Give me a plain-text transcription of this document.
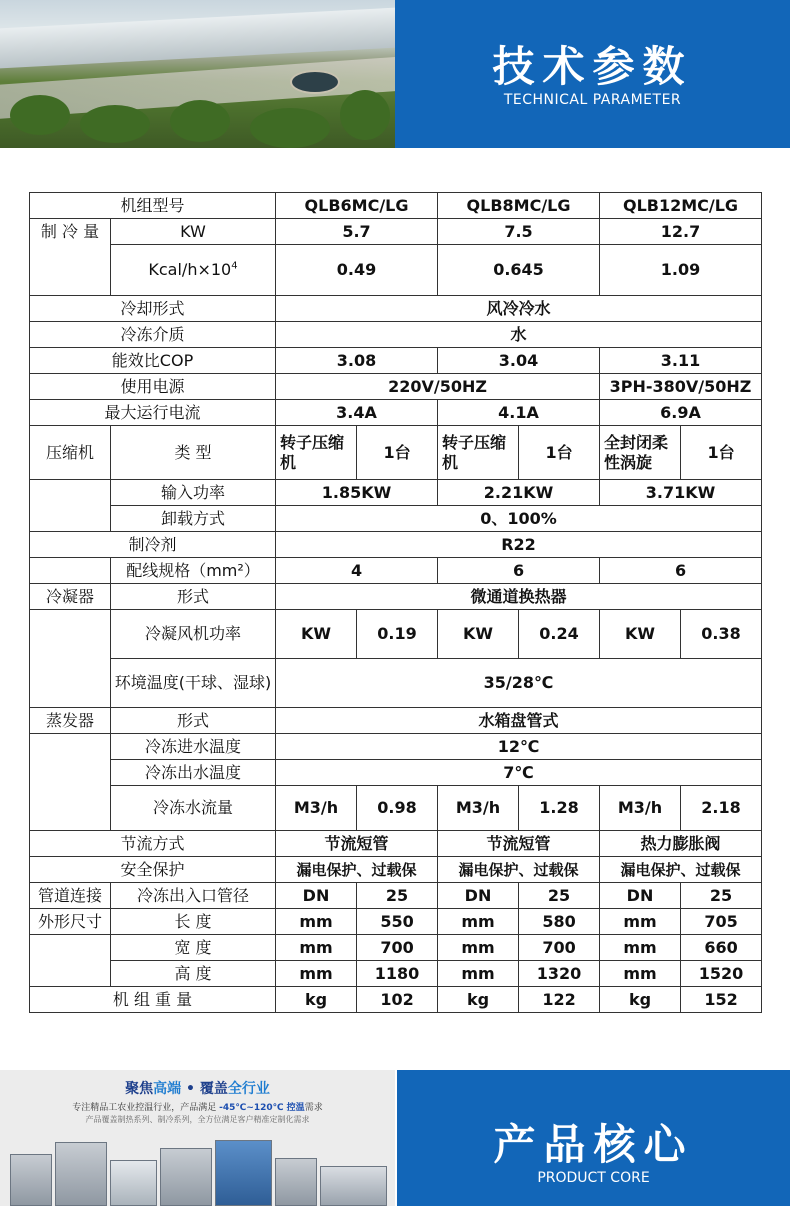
技术参数
TECHNICAL PARAMETER
机组型号		QLB6MC/LG		QLB8MC/LG		QLB12MC/LG	
制 冷 量	KW	5.7		7.5		12.7	
	Kcal/$h\times 10^4$	0.49		0.645		1.09	
冷却形式		风冷冷水					
冷冻介质		水					
能效比COP		3.08		3.04		3.11	
使用电源		220V/50HZ				3PH-380V/50HZ	
最大运行电流		3.4A		4.1A		6.9A	
压缩机	类 型	转子压缩机	1台	转子压缩机	1台	全封闭柔性涡旋	1台
	输入功率	1.85KW		2.21KW		3.71KW	
	卸载方式	0、100%					
制冷剂		R22					
	配线规格（mm²）	4		6		6	
冷凝器	形式	微通道换热器					
	冷凝风机功率	KW	0.19	KW	0.24	KW	0.38
	环境温度(干球、湿球)	35/28℃					
蒸发器	形式	水箱盘管式					
	冷冻进水温度	12℃					
	冷冻出水温度	7℃					
	冷冻水流量	M3/h	0.98	M3/h	1.28	M3/h	2.18
节流方式		节流短管		节流短管		热力膨胀阀	
安全保护		漏电保护、过载保		漏电保护、过载保		漏电保护、过载保	
管道连接	冷冻出入口管径	DN	25	DN	25	DN	25
外形尺寸	长 度	mm	550	mm	580	mm	705
	宽 度	mm	700	mm	700	mm	660
	高 度	mm	1180	mm	1320	mm	1520
机 组 重 量		kg	102	kg	122	kg	152
聚焦高端 • 覆盖全行业
专注精品工农业控温行业，产品满足 -45℃~120℃ 控温需求
产品覆盖制热系列、制冷系列，全方位满足客户精准定制化需求
产品核心
PRODUCT CORE
